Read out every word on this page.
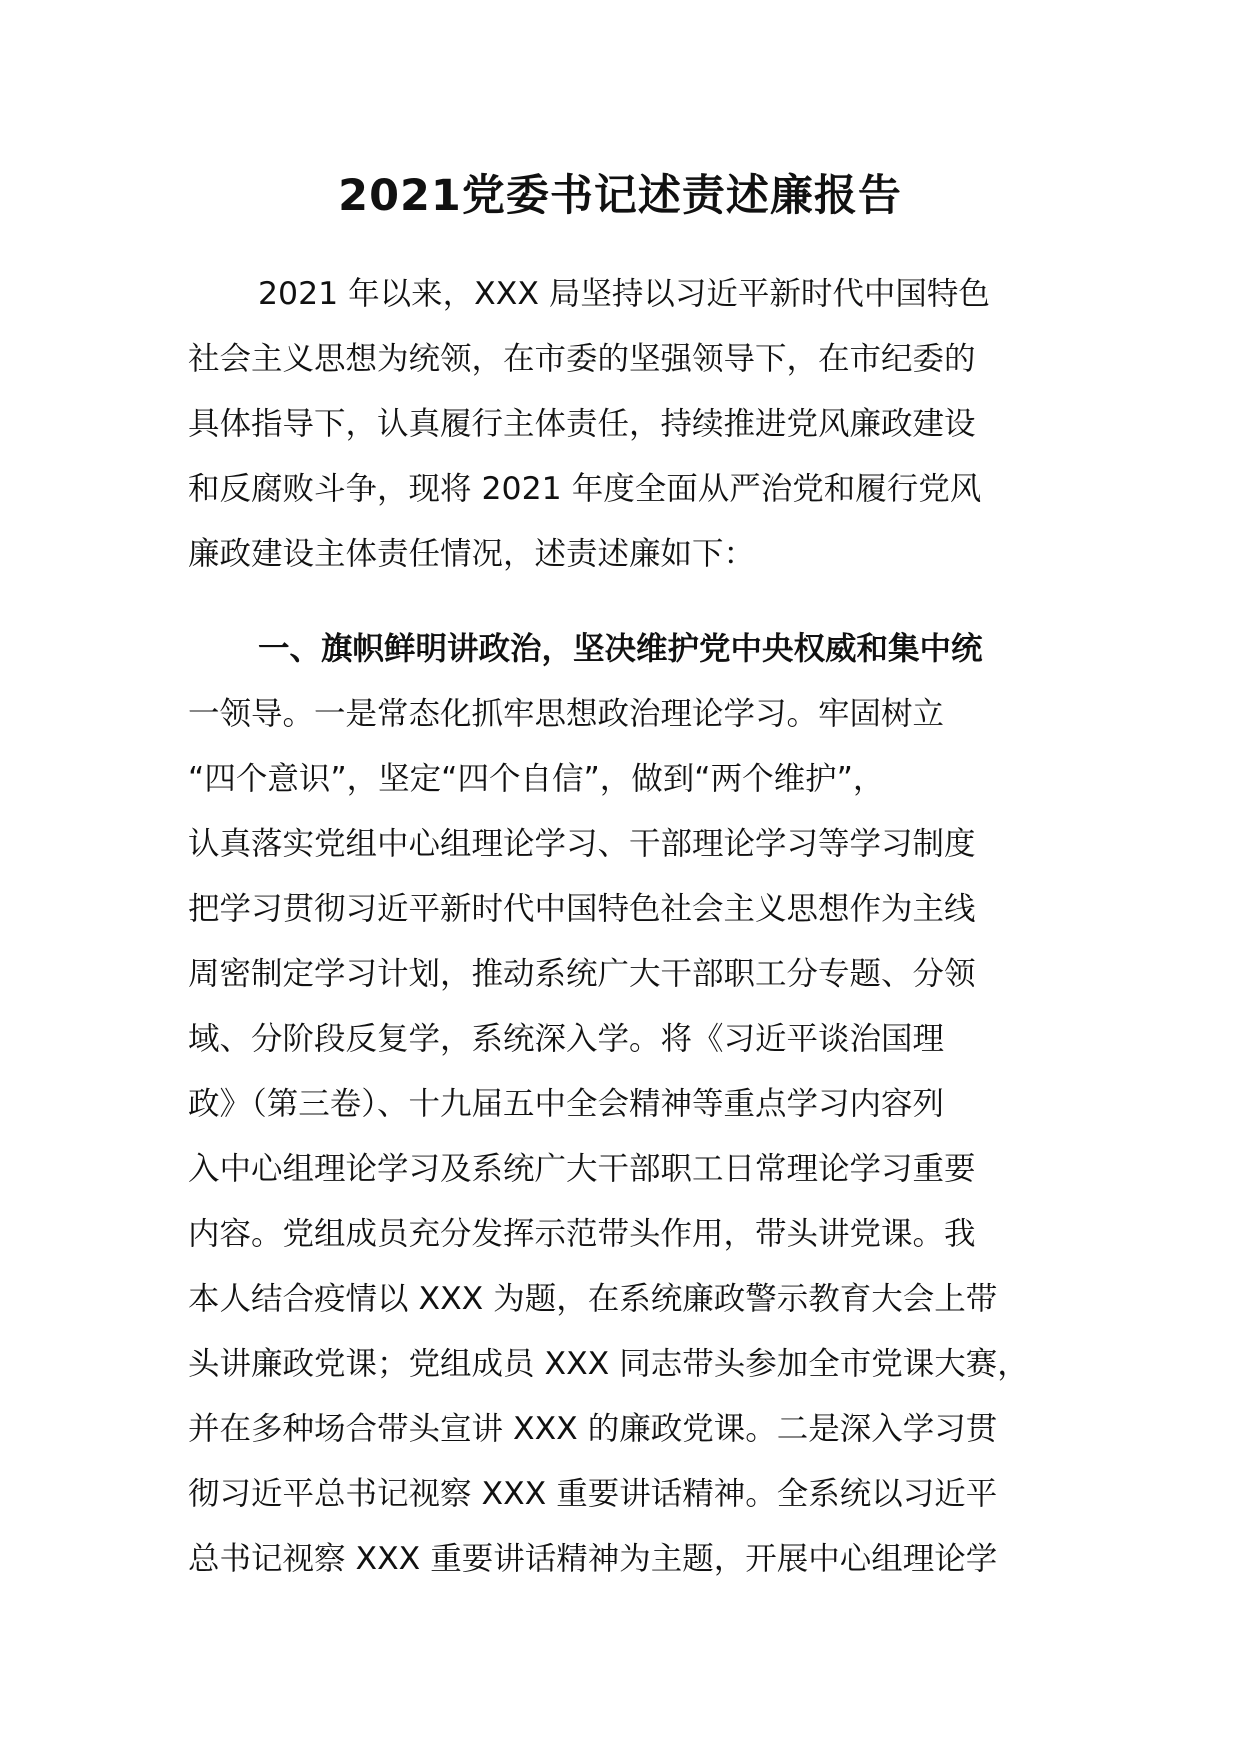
2021党委书记述责述廉报告
2021 年以来，XXX 局坚持以习近平新时代中国特色
社会主义思想为统领，在市委的坚强领导下，在市纪委的
具体指导下，认真履行主体责任，持续推进党风廉政建设
和反腐败斗争，现将 2021 年度全面从严治党和履行党风
廉政建设主体责任情况，述责述廉如下：
一、旗帜鲜明讲政治，坚决维护党中央权威和集中统
一领导。一是常态化抓牢思想政治理论学习。牢固树立
“四个意识”，坚定“四个自信”，做到“两个维护”，
认真落实党组中心组理论学习、干部理论学习等学习制度
把学习贯彻习近平新时代中国特色社会主义思想作为主线
周密制定学习计划，推动系统广大干部职工分专题、分领
域、分阶段反复学，系统深入学。将《习近平谈治国理
政》（第三卷）、十九届五中全会精神等重点学习内容列
入中心组理论学习及系统广大干部职工日常理论学习重要
内容。党组成员充分发挥示范带头作用，带头讲党课。我
本人结合疫情以 XXX 为题，在系统廉政警示教育大会上带
头讲廉政党课；党组成员 XXX 同志带头参加全市党课大赛，
并在多种场合带头宣讲 XXX 的廉政党课。二是深入学习贯
彻习近平总书记视察 XXX 重要讲话精神。全系统以习近平
总书记视察 XXX 重要讲话精神为主题，开展中心组理论学
